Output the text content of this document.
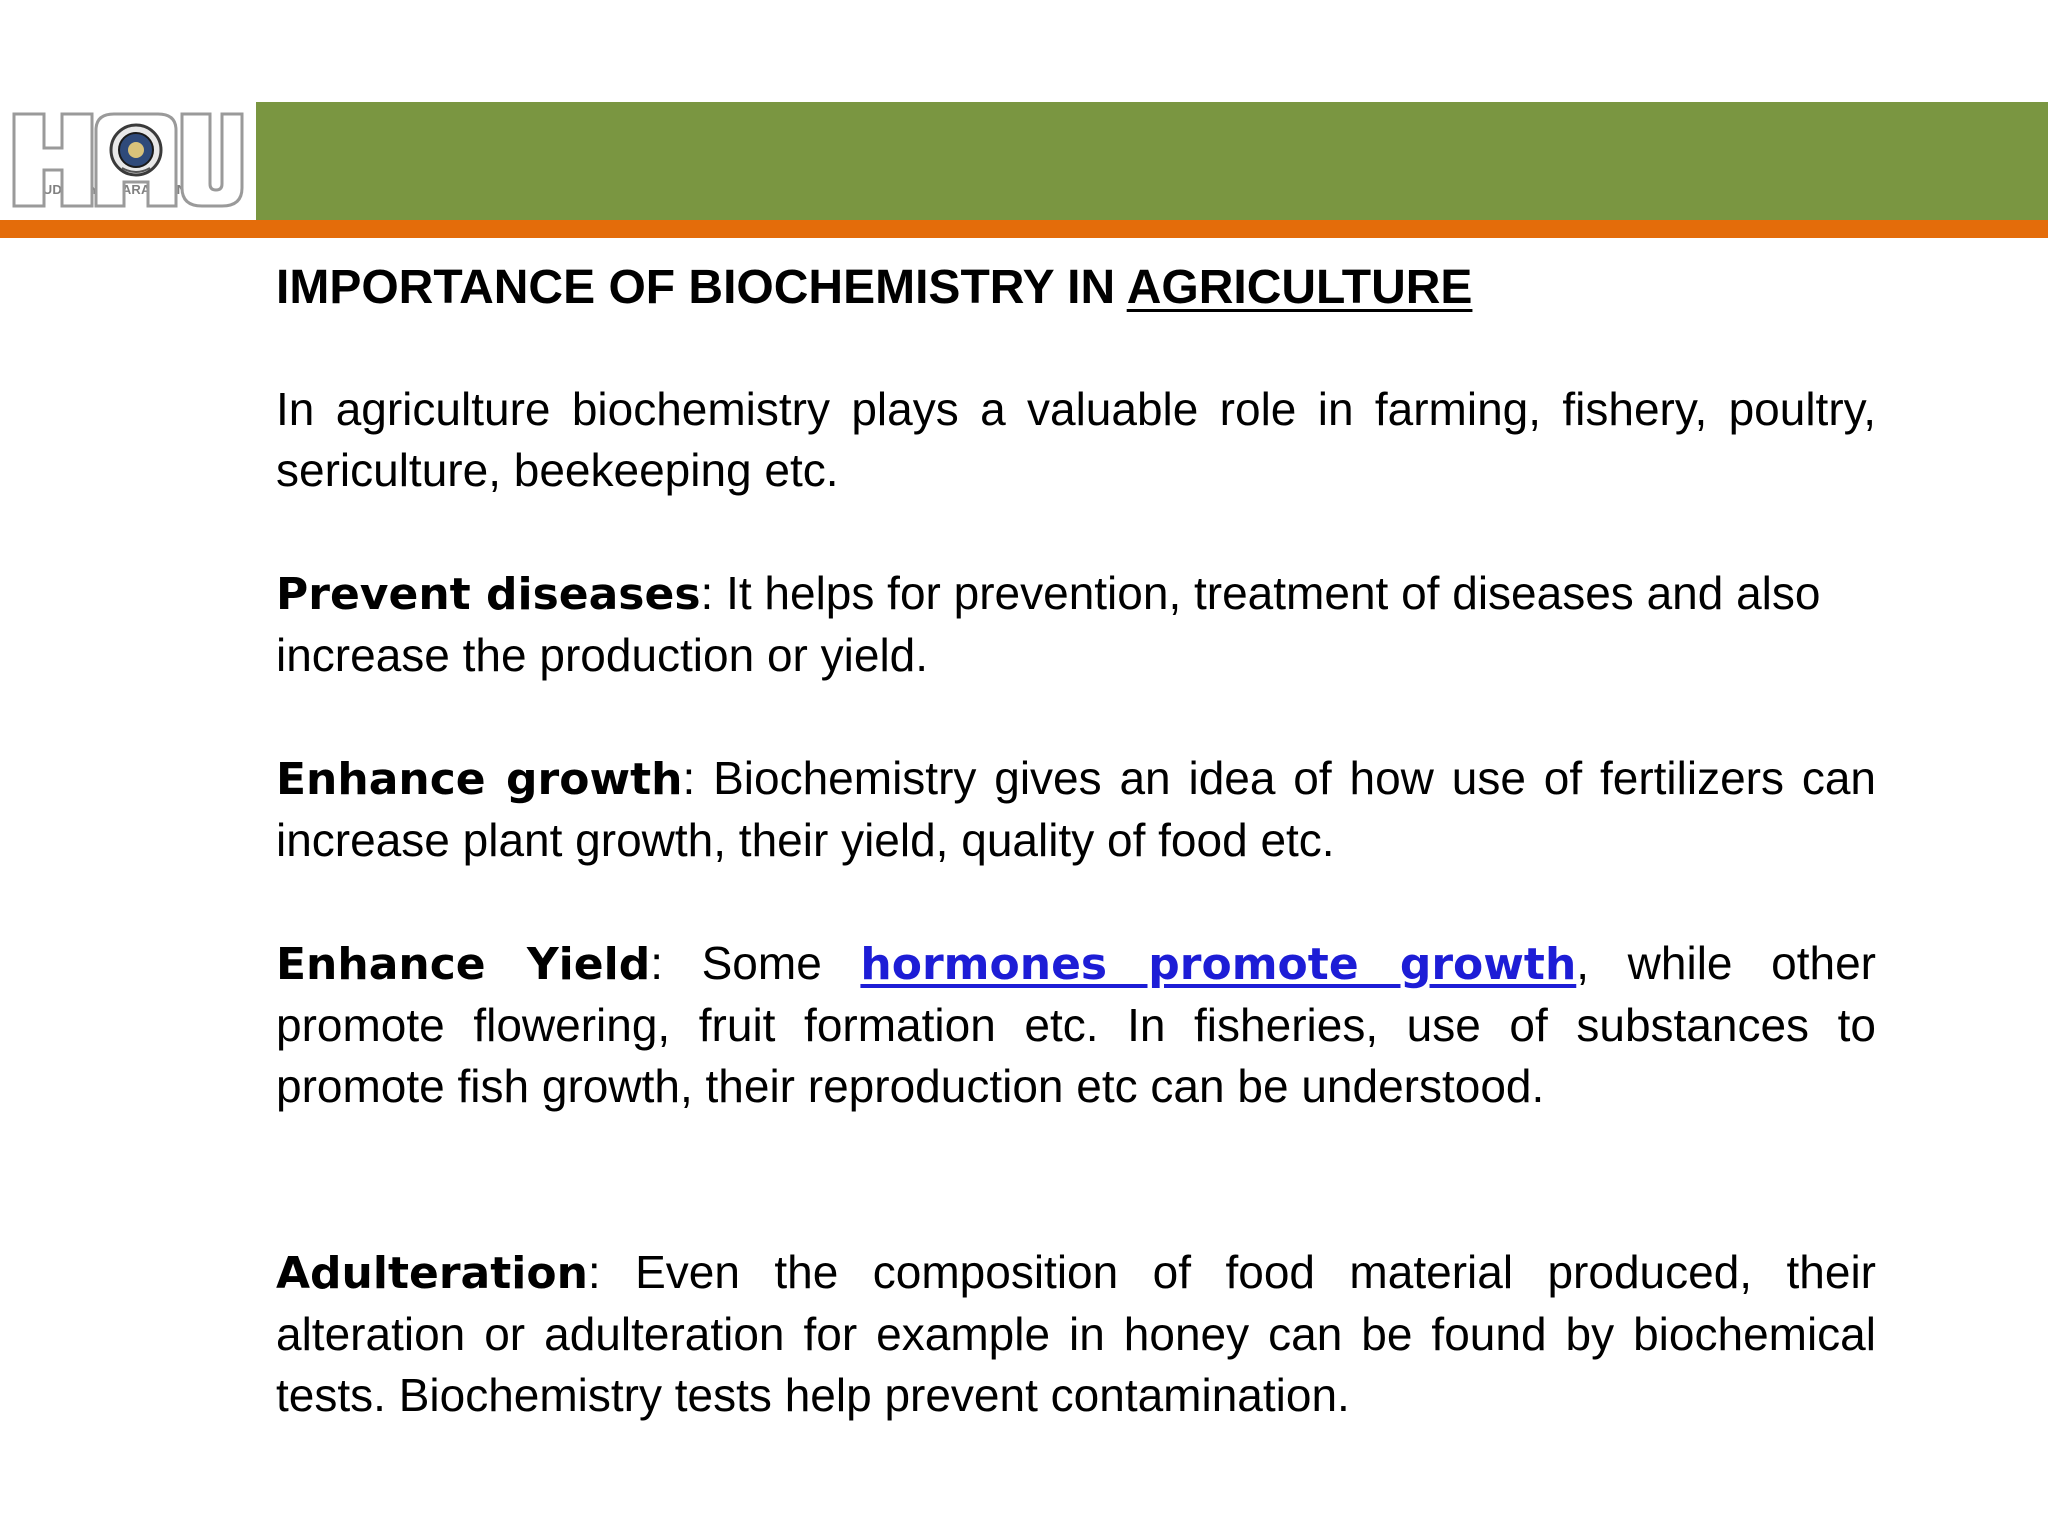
CHAUDHARY CHARAN
IMPORTANCE OF BIOCHEMISTRY IN AGRICULTURE

In agriculture biochemistry plays a valuable role in farming, fishery, poultry, sericulture, beekeeping etc.

Prevent diseases: It helps for prevention, treatment of diseases and also
increase the production or yield.

Enhance growth: Biochemistry gives an idea of how use of fertilizers can increase plant growth, their yield, quality of food etc.

Enhance Yield: Some hormones promote growth, while other promote flowering, fruit formation etc. In fisheries, use of substances to promote fish growth, their reproduction etc can be understood.

Adulteration: Even the composition of food material produced, their alteration or adulteration for example in honey can be found by biochemical tests. Biochemistry tests help prevent contamination.
